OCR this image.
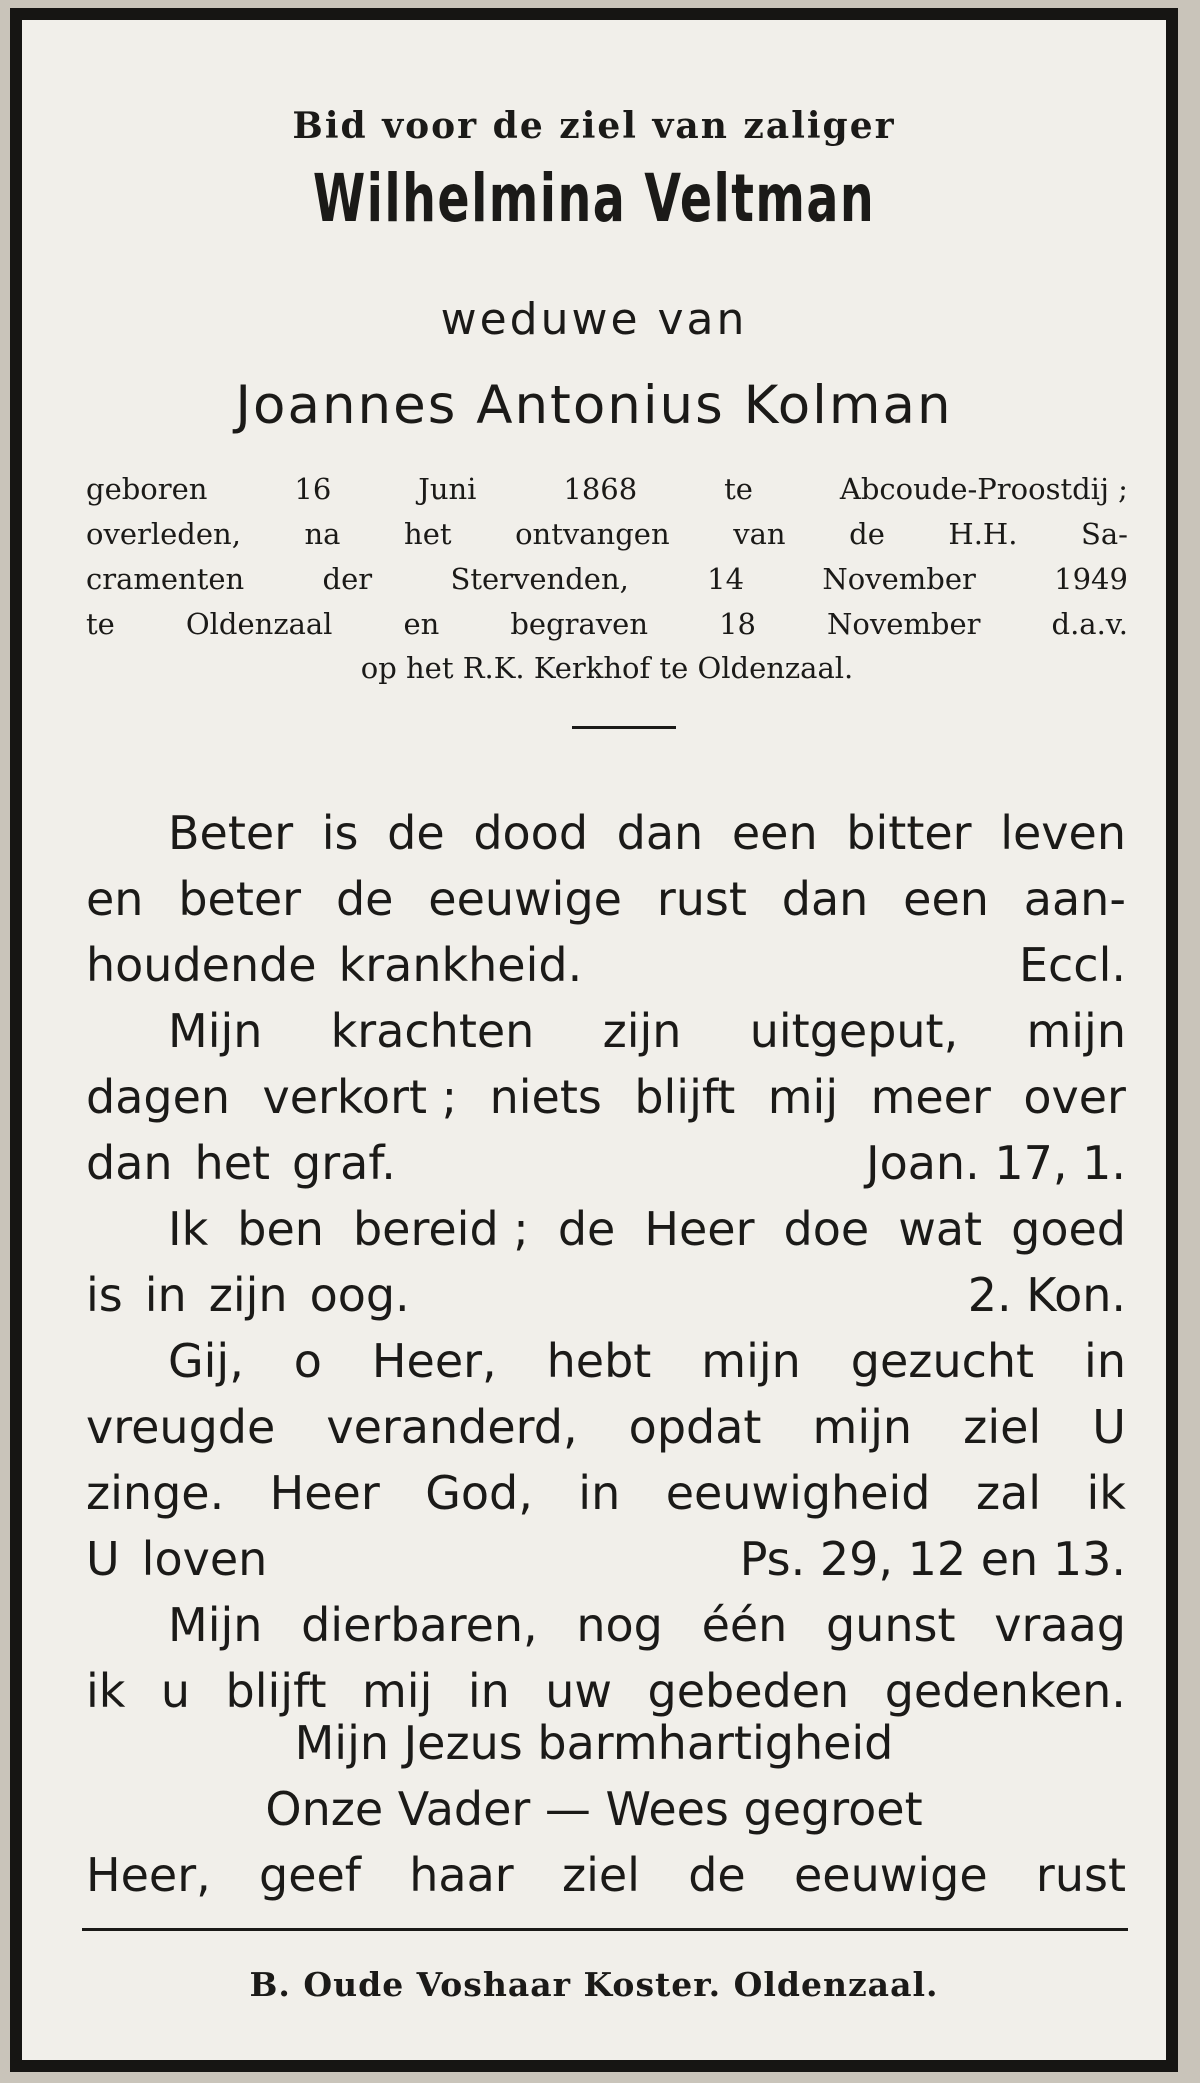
Bid voor de ziel van zaliger
Wilhelmina Veltman
weduwe van
Joannes Antonius Kolman
geboren	16	Juni	1868	te	Abcoude-Proostdij ;
overleden, na het ontvangen van de H.H. Sa-
cramenten	der	Stervenden,	14	November	1949
te Oldenzaal en begraven 18 November d.a.v.
op het R.K. Kerkhof te Oldenzaal.
Beter is de dood dan een bitter leven
en beter de eeuwige rust dan een aan-
houdende krankheid.	Eccl.
Mijn krachten zijn uitgeput, mijn
dagen verkort ; niets blijft mij meer over
dan het graf.	Joan. 17, 1.
Ik ben bereid ; de Heer doe wat goed
is in zijn oog.	2. Kon.
Gij, o Heer, hebt mijn gezucht in
vreugde veranderd, opdat mijn ziel U
zinge. Heer God, in eeuwigheid zal ik
U loven	Ps. 29, 12 en 13.
Mijn dierbaren, nog één gunst vraag
ik u blijft mij in uw gebeden gedenken.
Mijn Jezus barmhartigheid
Onze Vader — Wees gegroet
Heer, geef haar ziel de eeuwige rust
B. Oude Voshaar Koster. Oldenzaal.
